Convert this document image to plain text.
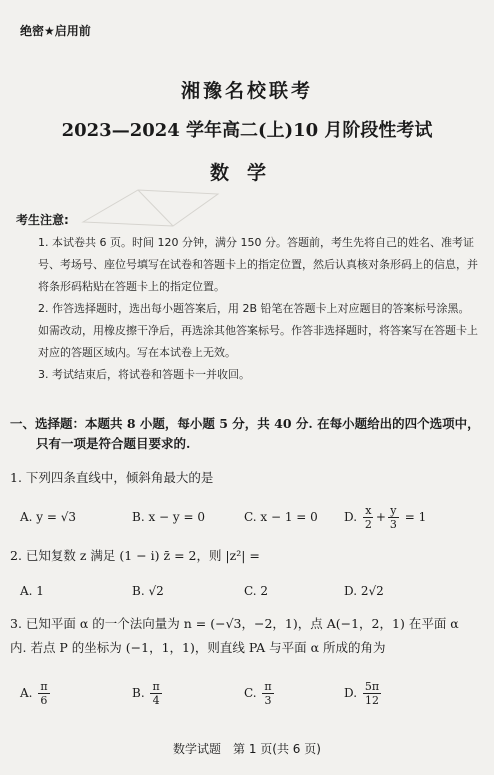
绝密★启用前
湘豫名校联考
2023—2024 学年高二(上)10 月阶段性考试
数学
考生注意:
1. 本试卷共 6 页。时间 120 分钟，满分 150 分。答题前，考生先将自己的姓名、准考证号、考场号、座位号填写在试卷和答题卡上的指定位置，然后认真核对条形码上的信息，并将条形码粘贴在答题卡上的指定位置。
2. 作答选择题时，选出每小题答案后，用 2B 铅笔在答题卡上对应题目的答案标号涂黑。如需改动，用橡皮擦干净后，再选涂其他答案标号。作答非选择题时，将答案写在答题卡上对应的答题区域内。写在本试卷上无效。
3. 考试结束后，将试卷和答题卡一并收回。
一、选择题：本题共 8 小题，每小题 5 分，共 40 分. 在每小题给出的四个选项中，
只有一项是符合题目要求的.
1. 下列四条直线中，倾斜角最大的是
A. y = √3	B. x − y = 0	C. x − 1 = 0 D.
$\frac{x}{2} + \frac{y}{3}$
= 1
2. 已知复数 z 满足 (1 − i) z̄ = 2，则 |z²| =
A. 1	B. √2	C. 2	D. 2√2
3. 已知平面 α 的一个法向量为 n = (−√3，−2，1)，点 A(−1，2，1) 在平面 α
内. 若点 P 的坐标为 (−1，1，1)，则直线 PA 与平面 α 所成的角为
A.
$\frac{\pi}{6}$	B.
$\frac{\pi}{4}$	C.
$\frac{\pi}{3}$	D.
$\frac{5\pi}{12}$
数学试题　第 1 页(共 6 页)
